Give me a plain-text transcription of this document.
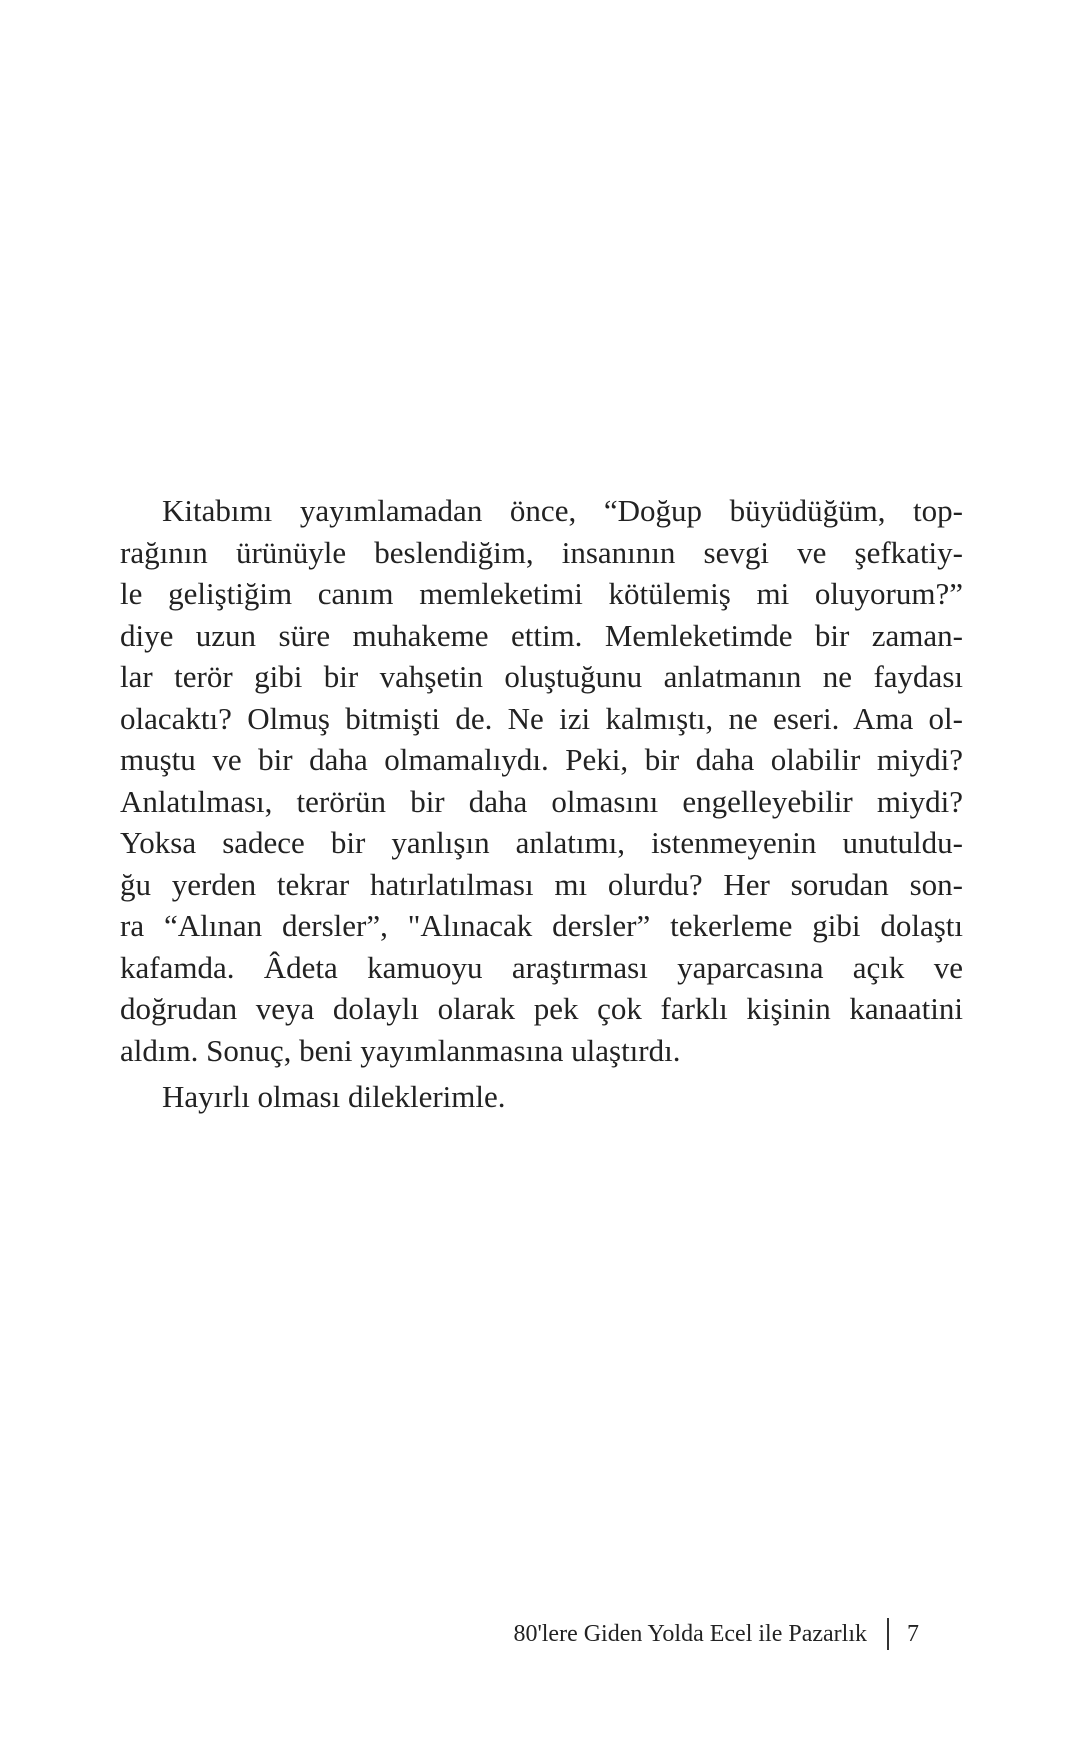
Kitabımı yayımlamadan önce, “Doğup büyüdüğüm, top-
rağının ürünüyle beslendiğim, insanının sevgi ve şefkatiy-
le geliştiğim canım memleketimi kötülemiş mi oluyorum?”
diye uzun süre muhakeme ettim. Memleketimde bir zaman-
lar terör gibi bir vahşetin oluştuğunu anlatmanın ne faydası
olacaktı? Olmuş bitmişti de. Ne izi kalmıştı, ne eseri. Ama ol-
muştu ve bir daha olmamalıydı. Peki, bir daha olabilir miydi?
Anlatılması, terörün bir daha olmasını engelleyebilir miydi?
Yoksa sadece bir yanlışın anlatımı, istenmeyenin unutuldu-
ğu yerden tekrar hatırlatılması mı olurdu? Her sorudan son-
ra “Alınan dersler”, "Alınacak dersler” tekerleme gibi dolaştı
kafamda. Âdeta kamuoyu araştırması yaparcasına açık ve
doğrudan veya dolaylı olarak pek çok farklı kişinin kanaatini
aldım. Sonuç, beni yayımlanmasına ulaştırdı.
Hayırlı olması dileklerimle.
80'lere Giden Yolda Ecel ile Pazarlık 7
